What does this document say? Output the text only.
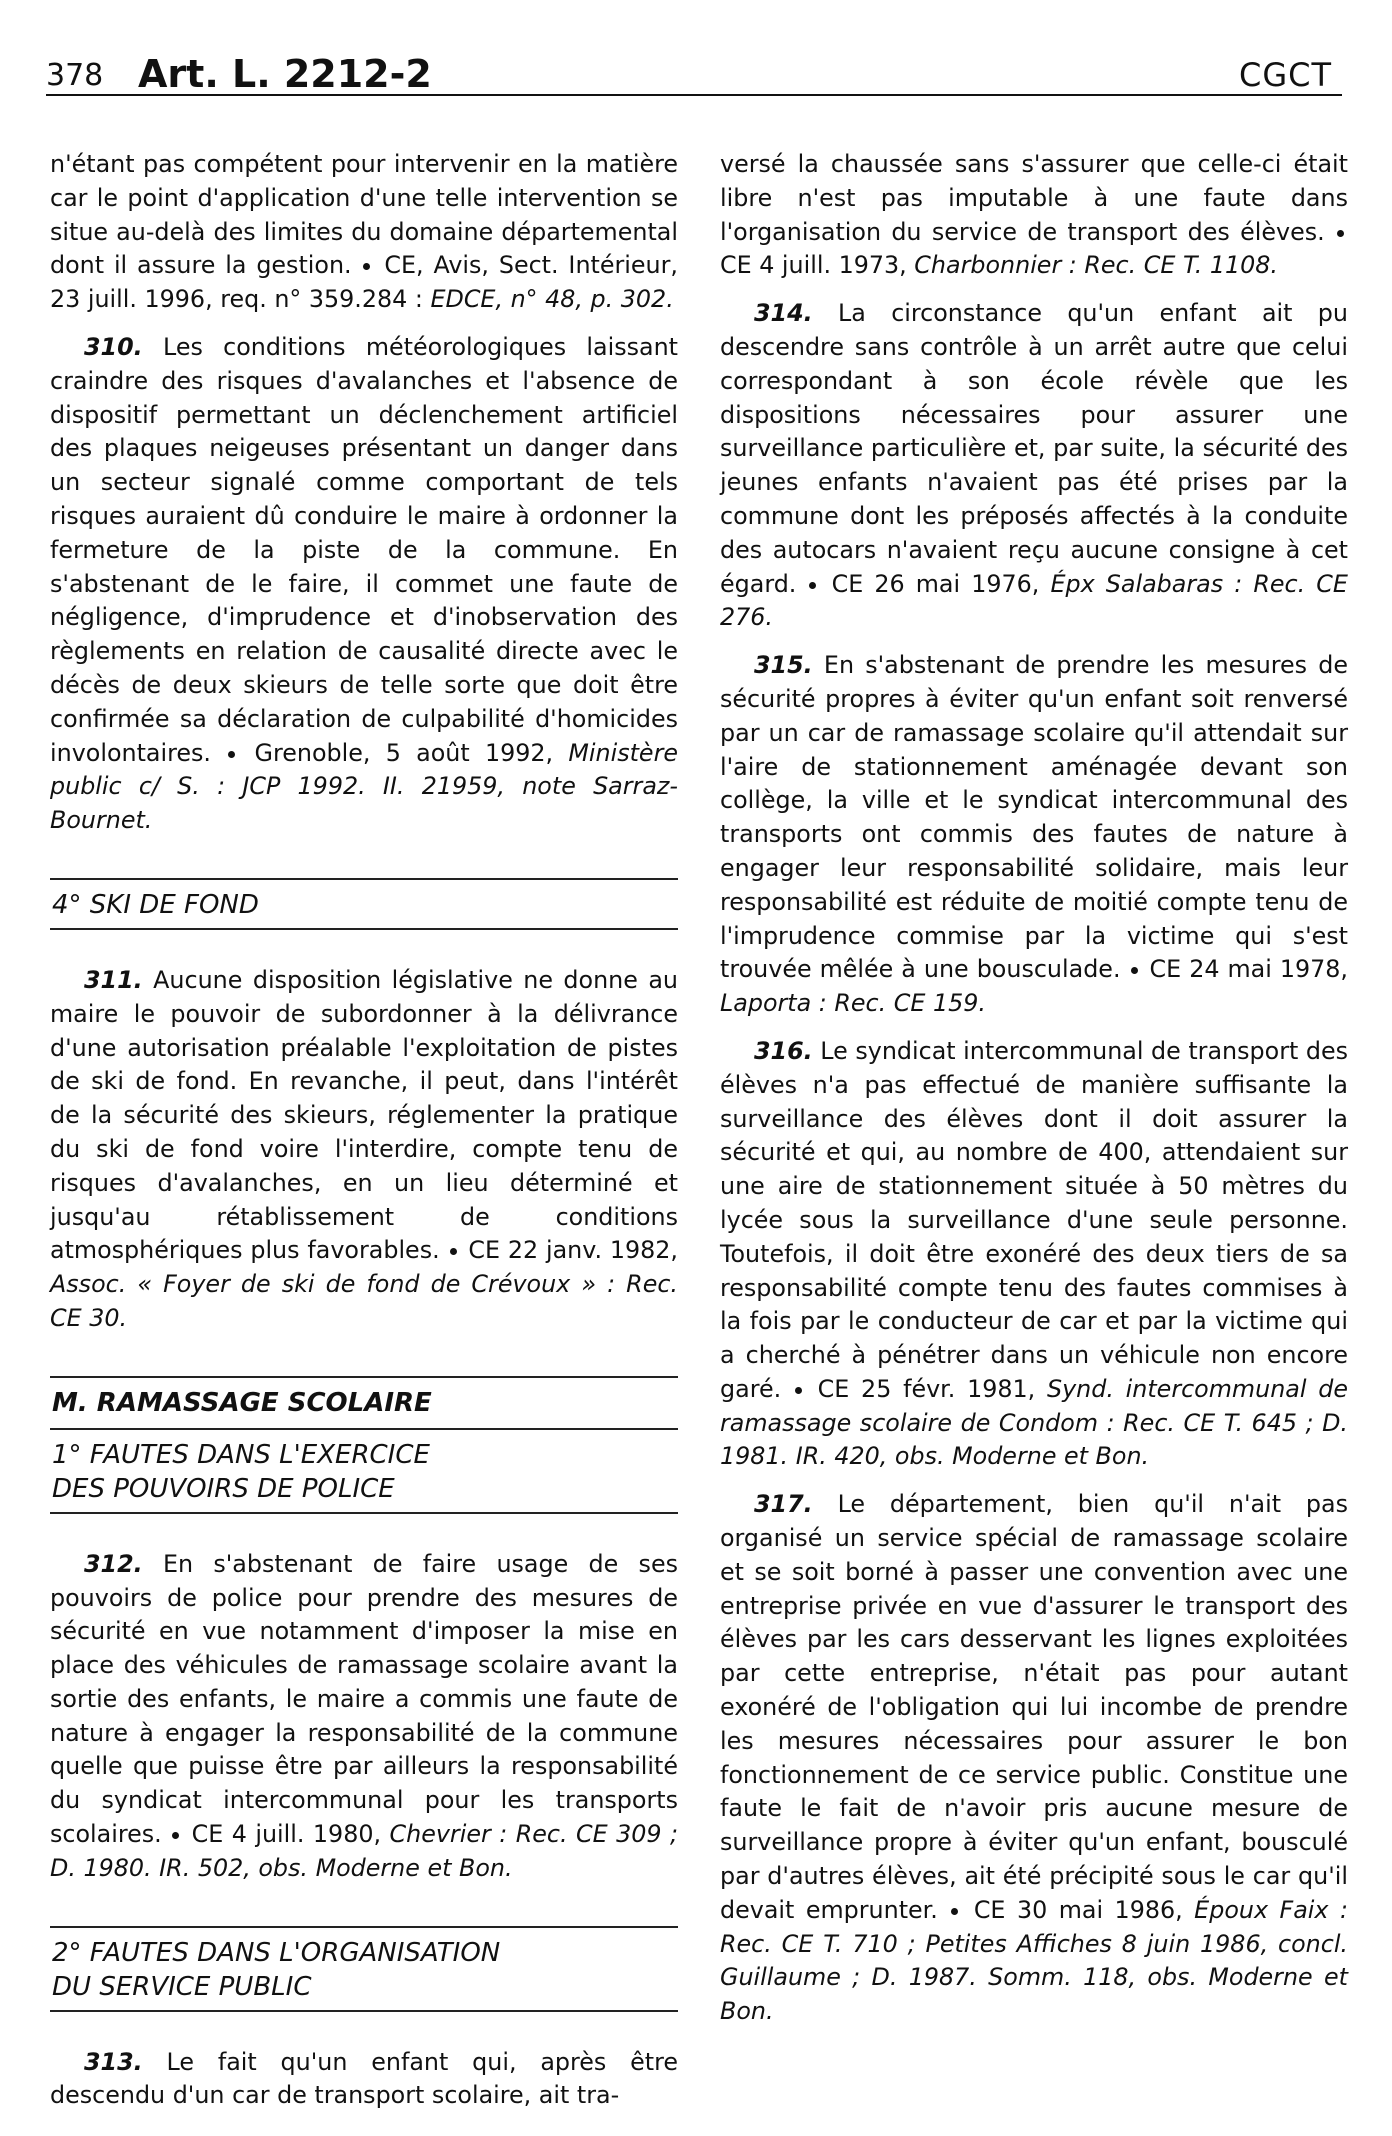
378 Art. L. 2212-2	CGCT

n'étant pas compétent pour intervenir en la matière car le point d'application d'une telle intervention se situe au-delà des limites du domaine départemental dont il assure la gestion. CE, Avis, Sect. Intérieur, 23 juill. 1996, req. n° 359.284 : EDCE, n° 48, p. 302.

310. Les conditions météorologiques laissant craindre des risques d'avalanches et l'absence de dispositif permettant un déclenchement artificiel des plaques neigeuses présentant un danger dans un secteur signalé comme comportant de tels risques auraient dû conduire le maire à ordonner la fermeture de la piste de la commune. En s'abstenant de le faire, il commet une faute de négligence, d'imprudence et d'inobservation des règlements en relation de causalité directe avec le décès de deux skieurs de telle sorte que doit être confirmée sa déclaration de culpabilité d'homicides involontaires. Grenoble, 5 août 1992, Ministère public c/ S. : JCP 1992. II. 21959, note Sarraz-Bournet.

4° SKI DE FOND

311. Aucune disposition législative ne donne au maire le pouvoir de subordonner à la délivrance d'une autorisation préalable l'exploitation de pistes de ski de fond. En revanche, il peut, dans l'intérêt de la sécurité des skieurs, réglementer la pratique du ski de fond voire l'interdire, compte tenu de risques d'avalanches, en un lieu déterminé et jusqu'au rétablissement de conditions atmosphériques plus favorables. CE 22 janv. 1982, Assoc. « Foyer de ski de fond de Crévoux » : Rec. CE 30.

M. RAMASSAGE SCOLAIRE
1° FAUTES DANS L'EXERCICE
DES POUVOIRS DE POLICE

312. En s'abstenant de faire usage de ses pouvoirs de police pour prendre des mesures de sécurité en vue notamment d'imposer la mise en place des véhicules de ramassage scolaire avant la sortie des enfants, le maire a commis une faute de nature à engager la responsabilité de la commune quelle que puisse être par ailleurs la responsabilité du syndicat intercommunal pour les transports scolaires. CE 4 juill. 1980, Chevrier : Rec. CE 309 ; D. 1980. IR. 502, obs. Moderne et Bon.

2° FAUTES DANS L'ORGANISATION
DU SERVICE PUBLIC

313. Le fait qu'un enfant qui, après être descendu d'un car de transport scolaire, ait tra-

versé la chaussée sans s'assurer que celle-ci était libre n'est pas imputable à une faute dans l'organisation du service de transport des élèves.  CE 4 juill. 1973, Charbonnier : Rec. CE T. 1108.

314. La circonstance qu'un enfant ait pu descendre sans contrôle à un arrêt autre que celui correspondant à son école révèle que les dispositions nécessaires pour assurer une surveillance particulière et, par suite, la sécurité des jeunes enfants n'avaient pas été prises par la commune dont les préposés affectés à la conduite des autocars n'avaient reçu aucune consigne à cet égard. CE 26 mai 1976, Épx Salabaras : Rec. CE 276.

315. En s'abstenant de prendre les mesures de sécurité propres à éviter qu'un enfant soit renversé par un car de ramassage scolaire qu'il attendait sur l'aire de stationnement aménagée devant son collège, la ville et le syndicat intercommunal des transports ont commis des fautes de nature à engager leur responsabilité solidaire, mais leur responsabilité est réduite de moitié compte tenu de l'imprudence commise par la victime qui s'est trouvée mêlée à une bousculade. CE 24 mai 1978, Laporta : Rec. CE 159.

316. Le syndicat intercommunal de transport des élèves n'a pas effectué de manière suffisante la surveillance des élèves dont il doit assurer la sécurité et qui, au nombre de 400, attendaient sur une aire de stationnement située à 50 mètres du lycée sous la surveillance d'une seule personne. Toutefois, il doit être exonéré des deux tiers de sa responsabilité compte tenu des fautes commises à la fois par le conducteur de car et par la victime qui a cherché à pénétrer dans un véhicule non encore garé. CE 25 févr. 1981, Synd. intercommunal de ramassage scolaire de Condom : Rec. CE T. 645 ; D. 1981. IR. 420, obs. Moderne et Bon.

317. Le département, bien qu'il n'ait pas organisé un service spécial de ramassage scolaire et se soit borné à passer une convention avec une entreprise privée en vue d'assurer le transport des élèves par les cars desservant les lignes exploitées par cette entreprise, n'était pas pour autant exonéré de l'obligation qui lui incombe de prendre les mesures nécessaires pour assurer le bon fonctionnement de ce service public. Constitue une faute le fait de n'avoir pris aucune mesure de surveillance propre à éviter qu'un enfant, bousculé par d'autres élèves, ait été précipité sous le car qu'il devait emprunter. CE 30 mai 1986, Époux Faix : Rec. CE T. 710 ; Petites Affiches 8 juin 1986, concl. Guillaume ; D. 1987. Somm. 118, obs. Moderne et Bon.
